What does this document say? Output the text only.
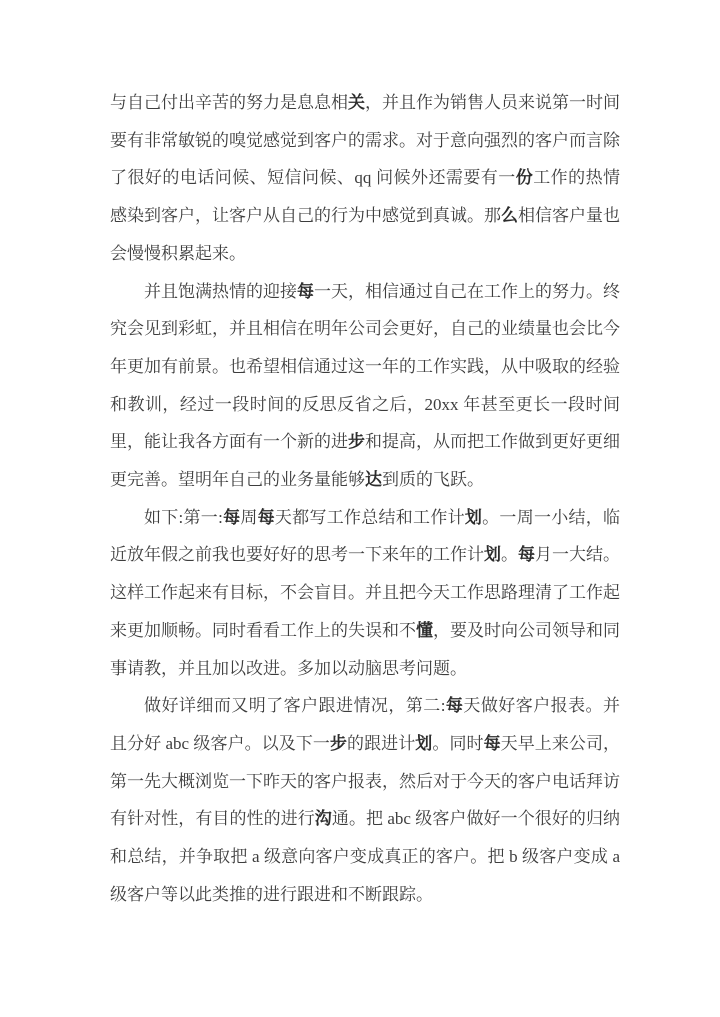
与自己付出辛苦的努力是息息相关，并且作为销售人员来说第一时间要有非常敏锐的嗅觉感觉到客户的需求。对于意向强烈的客户而言除了很好的电话问候、短信问候、qq 问候外还需要有一份工作的热情感染到客户，让客户从自己的行为中感觉到真诚。那么相信客户量也会慢慢积累起来。

并且饱满热情的迎接每一天，相信通过自己在工作上的努力。终究会见到彩虹，并且相信在明年公司会更好，自己的业绩量也会比今年更加有前景。也希望相信通过这一年的工作实践，从中吸取的经验和教训，经过一段时间的反思反省之后，20xx 年甚至更长一段时间里，能让我各方面有一个新的进步和提高，从而把工作做到更好更细更完善。望明年自己的业务量能够达到质的飞跃。

如下:第一:每周每天都写工作总结和工作计划。一周一小结，临近放年假之前我也要好好的思考一下来年的工作计划。每月一大结。这样工作起来有目标，不会盲目。并且把今天工作思路理清了工作起来更加顺畅。同时看看工作上的失误和不懂，要及时向公司领导和同事请教，并且加以改进。多加以动脑思考问题。

做好详细而又明了客户跟进情况，第二:每天做好客户报表。并且分好 abc 级客户。以及下一步的跟进计划。同时每天早上来公司，第一先大概浏览一下昨天的客户报表，然后对于今天的客户电话拜访有针对性，有目的性的进行沟通。把 abc 级客户做好一个很好的归纳和总结，并争取把 a 级意向客户变成真正的客户。把 b 级客户变成 a 级客户等以此类推的进行跟进和不断跟踪。
